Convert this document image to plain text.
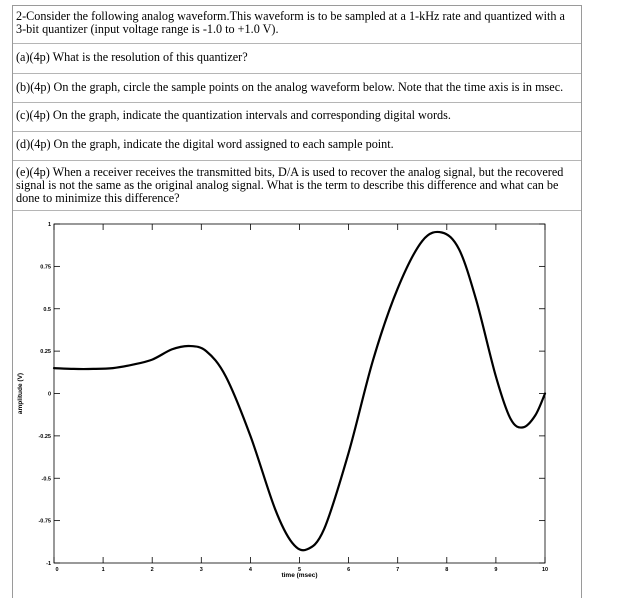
2-Consider the following analog waveform.This waveform is to be sampled at a 1-kHz rate and quantized with a
3-bit quantizer (input voltage range is -1.0 to +1.0 V).
(a)(4p) What is the resolution of this quantizer?
(b)(4p) On the graph, circle the sample points on the analog waveform below. Note that the time axis is in msec.
(c)(4p) On the graph, indicate the quantization intervals and corresponding digital words.
(d)(4p) On the graph, indicate the digital word assigned to each sample point.
(e)(4p) When a receiver receives the transmitted bits, D/A is used to recover the analog signal, but the recovered
signal is not the same as the original analog signal. What is the term to describe this difference and what can be
done to minimize this difference?
0	1	2	3	4	5	6	7	8	9	10
1
0.75
0.5
0.25
0
-0.25
-0.5
-0.75
-1
time (msec)
amplitude (V)
